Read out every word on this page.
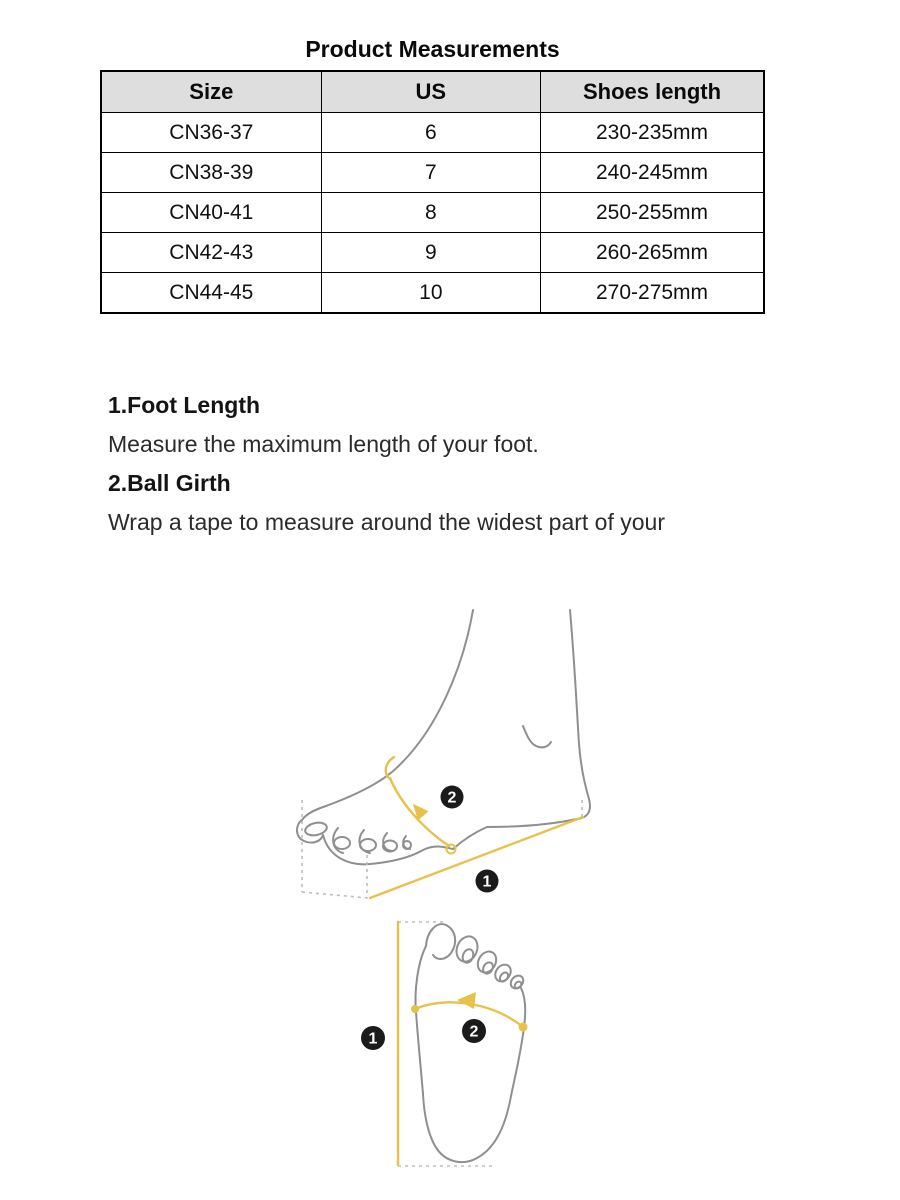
Product Measurements
Size	US	Shoes length
CN36-37	6	230-235mm
CN38-39	7	240-245mm
CN40-41	8	250-255mm
CN42-43	9	260-265mm
CN44-45	10	270-275mm
1.Foot Length
Measure the maximum length of your foot.
2.Ball Girth
Wrap a tape to measure around the widest part of your
2
1
1	2
